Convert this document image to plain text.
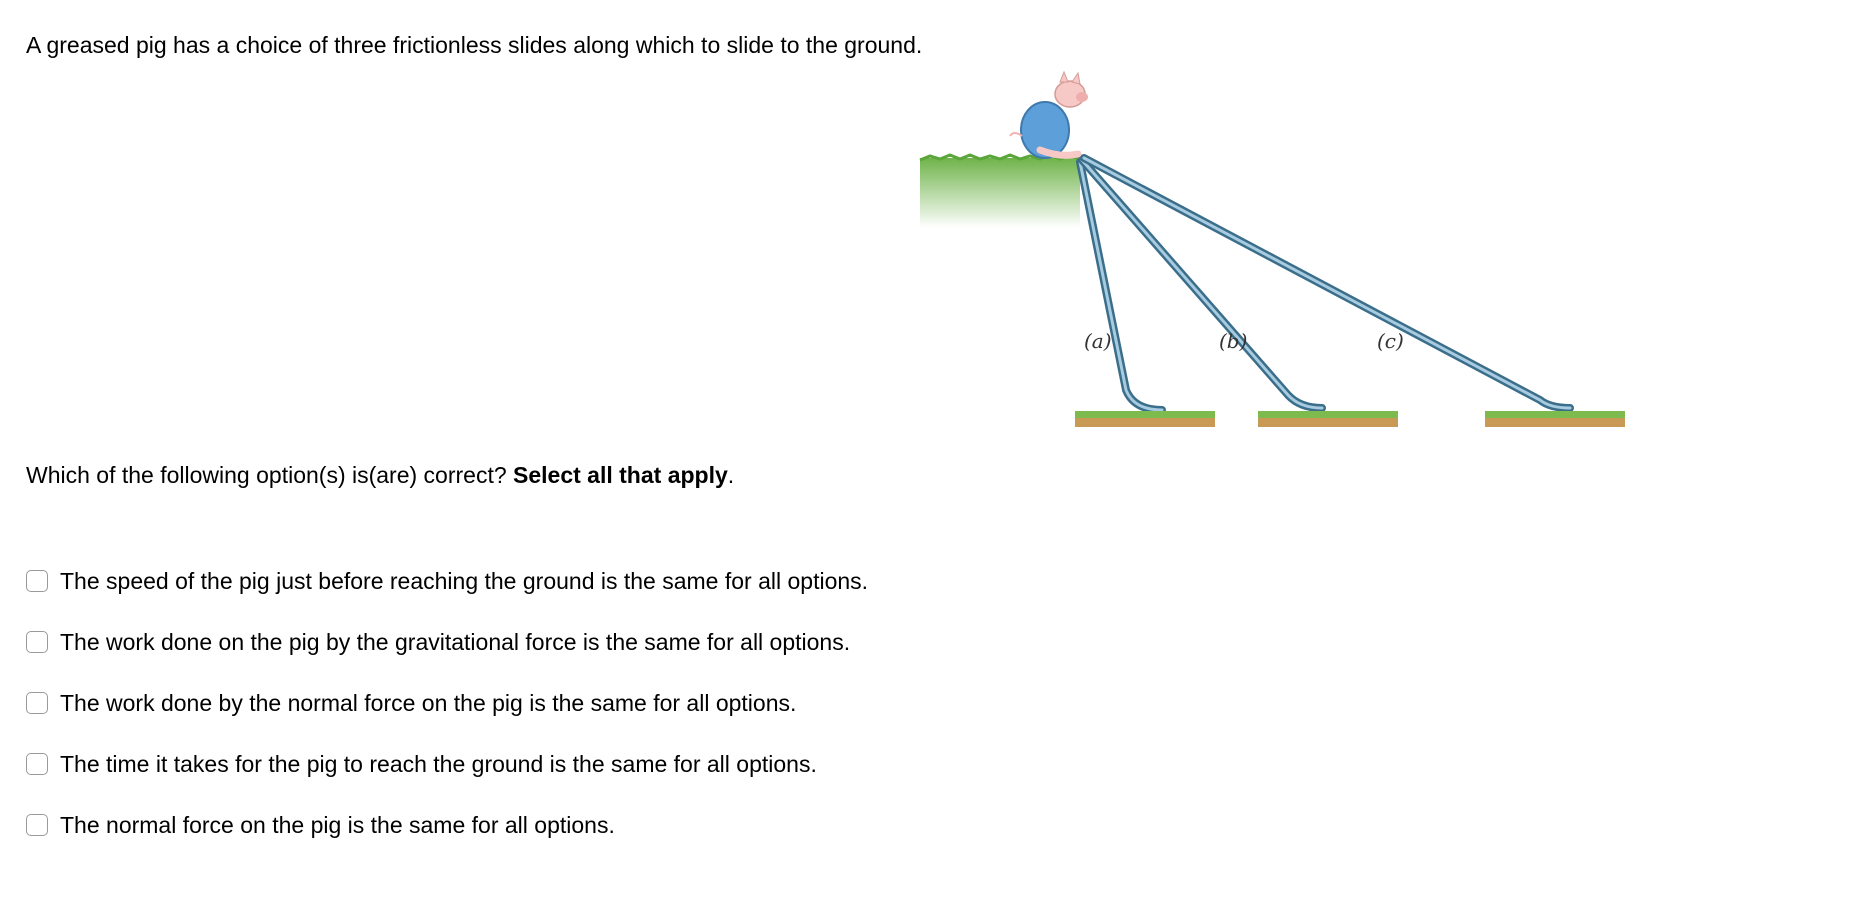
A greased pig has a choice of three frictionless slides along which to slide to the ground.

(a)	(b)	(c)

Which of the following option(s) is(are) correct? Select all that apply.

The speed of the pig just before reaching the ground is the same for all options.
The work done on the pig by the gravitational force is the same for all options.
The work done by the normal force on the pig is the same for all options.
The time it takes for the pig to reach the ground is the same for all options.
The normal force on the pig is the same for all options.
